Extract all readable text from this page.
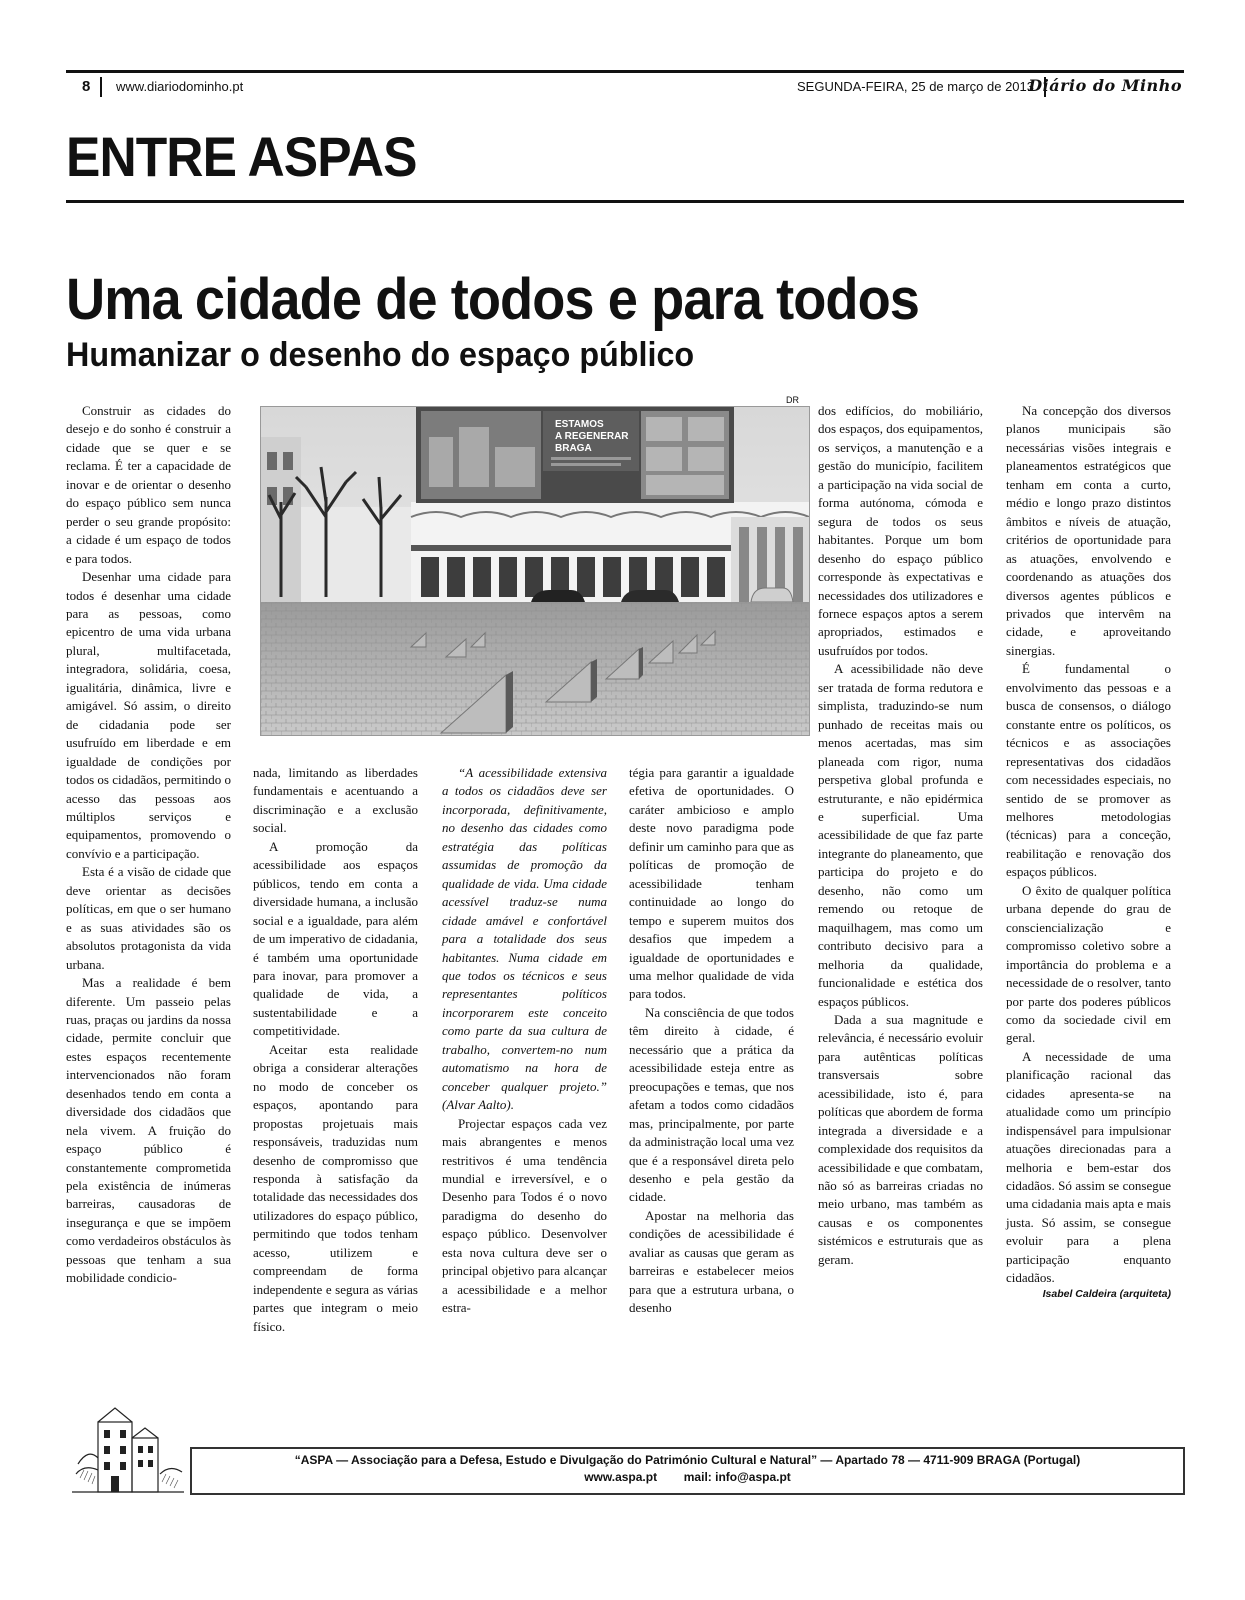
8 www.diariodominho.pt	SEGUNDA-FEIRA, 25 de março de 2013
Diário do Minho
ENTRE ASPAS
Uma cidade de todos e para todos
Humanizar o desenho do espaço público
DR
ESTAMOS
A REGENERAR
BRAGA

Construir as cidades do desejo e do sonho é construir a cidade que se quer e se reclama. É ter a capacidade de inovar e de orientar o desenho do espaço público sem nunca perder o seu grande propósito: a cidade é um espaço de todos e para todos.

Desenhar uma cidade para todos é desenhar uma cidade para as pessoas, como epicentro de uma vida urbana plural, multifacetada, integradora, solidária, coesa, igualitária, dinâmica, livre e amigável. Só assim, o direito de cidadania pode ser usufruído em liberdade e em igualdade de condições por todos os cidadãos, permitindo o acesso das pessoas aos múltiplos serviços e equipamentos, promovendo o convívio e a participação.

Esta é a visão de cidade que deve orientar as decisões políticas, em que o ser humano e as suas atividades são os absolutos protagonista da vida urbana.

Mas a realidade é bem diferente. Um passeio pelas ruas, praças ou jardins da nossa cidade, permite concluir que estes espaços recentemente intervencionados não foram desenhados tendo em conta a diversidade dos cidadãos que nela vivem. A fruição do espaço público é constantemente comprometida pela existência de inúmeras barreiras, causadoras de insegurança e que se impõem como verdadeiros obstáculos às pessoas que tenham a sua mobilidade condicio-

nada, limitando as liberdades fundamentais e acentuando a discriminação e a exclusão social.

A promoção da acessibilidade aos espaços públicos, tendo em conta a diversidade humana, a inclusão social e a igualdade, para além de um imperativo de cidadania, é também uma oportunidade para inovar, para promover a qualidade de vida, a sustentabilidade e a competitividade.

Aceitar esta realidade obriga a considerar alterações no modo de conceber os espaços, apontando para propostas projetuais mais responsáveis, traduzidas num desenho de compromisso que responda à satisfação da totalidade das necessidades dos utilizadores do espaço público, permitindo que todos tenham acesso, utilizem e compreendam de forma independente e segura as várias partes que integram o meio físico.

“A acessibilidade extensiva a todos os cidadãos deve ser incorporada, definitivamente, no desenho das cidades como estratégia das políticas assumidas de promoção da qualidade de vida. Uma cidade acessível traduz-se numa cidade amável e confortável para a totalidade dos seus habitantes. Numa cidade em que todos os técnicos e seus representantes políticos incorporarem este conceito como parte da sua cultura de trabalho, convertem-no num automatismo na hora de conceber qualquer projeto.” (Alvar Aalto).

Projectar espaços cada vez mais abrangentes e menos restritivos é uma tendência mundial e irreversível, e o Desenho para Todos é o novo paradigma do desenho do espaço público. Desenvolver esta nova cultura deve ser o principal objetivo para alcançar a acessibilidade e a melhor estra-

tégia para garantir a igualdade efetiva de oportunidades. O caráter ambicioso e amplo deste novo paradigma pode definir um caminho para que as políticas de promoção de acessibilidade tenham continuidade ao longo do tempo e superem muitos dos desafios que impedem a igualdade de oportunidades e uma melhor qualidade de vida para todos.

Na consciência de que todos têm direito à cidade, é necessário que a prática da acessibilidade esteja entre as preocupações e temas, que nos afetam a todos como cidadãos mas, principalmente, por parte da administração local uma vez que é a responsável direta pelo desenho e pela gestão da cidade.

Apostar na melhoria das condições de acessibilidade é avaliar as causas que geram as barreiras e estabelecer meios para que a estrutura urbana, o desenho

dos edifícios, do mobiliário, dos espaços, dos equipamentos, os serviços, a manutenção e a gestão do município, facilitem a participação na vida social de forma autónoma, cómoda e segura de todos os seus habitantes. Porque um bom desenho do espaço público corresponde às expectativas e necessidades dos utilizadores e fornece espaços aptos a serem apropriados, estimados e usufruídos por todos.

A acessibilidade não deve ser tratada de forma redutora e simplista, traduzindo-se num punhado de receitas mais ou menos acertadas, mas sim planeada com rigor, numa perspetiva global profunda e estruturante, e não epidérmica e superficial. Uma acessibilidade de que faz parte integrante do planeamento, que participa do projeto e do desenho, não como um remendo ou retoque de maquilhagem, mas como um contributo decisivo para a melhoria da qualidade, funcionalidade e estética dos espaços públicos.

Dada a sua magnitude e relevância, é necessário evoluir para autênticas políticas transversais sobre acessibilidade, isto é, para políticas que abordem de forma integrada a diversidade e a complexidade dos requisitos da acessibilidade e que combatam, não só as barreiras criadas no meio urbano, mas também as causas e os componentes sistémicos e estruturais que as geram.

Na concepção dos diversos planos municipais são necessárias visões integrais e planeamentos estratégicos que tenham em conta a curto, médio e longo prazo distintos âmbitos e níveis de atuação, critérios de oportunidade para as atuações, envolvendo e coordenando as atuações dos diversos agentes públicos e privados que intervêm na cidade, e aproveitando sinergias.

É fundamental o envolvimento das pessoas e a busca de consensos, o diálogo constante entre os políticos, os técnicos e as associações representativas dos cidadãos com necessidades especiais, no sentido de se promover as melhores metodologias (técnicas) para a conceção, reabilitação e renovação dos espaços públicos.

O êxito de qualquer política urbana depende do grau de consciencialização e compromisso coletivo sobre a importância do problema e a necessidade de o resolver, tanto por parte dos poderes públicos como da sociedade civil em geral.

A necessidade de uma planificação racional das cidades apresenta-se na atualidade como um princípio indispensável para impulsionar atuações direcionadas para a melhoria e bem-estar dos cidadãos. Só assim se consegue uma cidadania mais apta e mais justa. Só assim, se consegue evoluir para a plena participação enquanto cidadãos.

Isabel Caldeira (arquiteta)

“ASPA — Associação para a Defesa, Estudo e Divulgação do Património Cultural e Natural” — Apartado 78 — 4711-909 BRAGA (Portugal)
www.aspa.pt        mail: info@aspa.pt
